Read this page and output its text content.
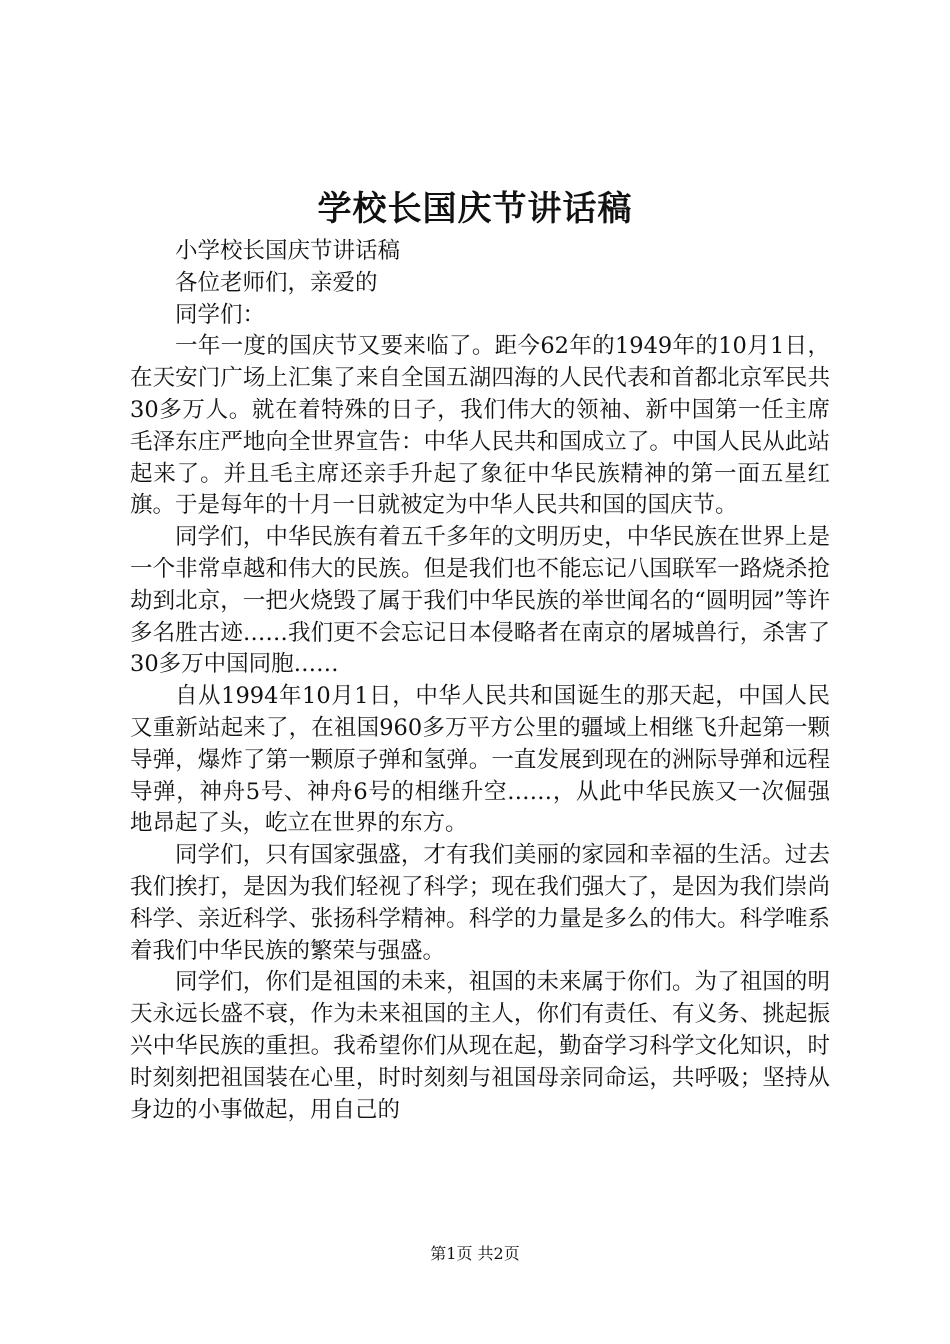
学校长国庆节讲话稿

小学校长国庆节讲话稿

各位老师们，亲爱的

同学们：

一年一度的国庆节又要来临了。距今62年的1949年的10月1日，在天安门广场上汇集了来自全国五湖四海的人民代表和首都北京军民共30多万人。就在着特殊的日子，我们伟大的领袖、新中国第一任主席毛泽东庄严地向全世界宣告：中华人民共和国成立了。中国人民从此站起来了。并且毛主席还亲手升起了象征中华民族精神的第一面五星红旗。于是每年的十月一日就被定为中华人民共和国的国庆节。

同学们，中华民族有着五千多年的文明历史，中华民族在世界上是一个非常卓越和伟大的民族。但是我们也不能忘记八国联军一路烧杀抢劫到北京，一把火烧毁了属于我们中华民族的举世闻名的“圆明园”等许多名胜古迹……我们更不会忘记日本侵略者在南京的屠城兽行，杀害了30多万中国同胞……

自从1994年10月1日，中华人民共和国诞生的那天起，中国人民又重新站起来了，在祖国960多万平方公里的疆域上相继飞升起第一颗导弹，爆炸了第一颗原子弹和氢弹。一直发展到现在的洲际导弹和远程导弹，神舟5号、神舟6号的相继升空……，从此中华民族又一次倔强地昂起了头，屹立在世界的东方。

同学们，只有国家强盛，才有我们美丽的家园和幸福的生活。过去我们挨打，是因为我们轻视了科学；现在我们强大了，是因为我们崇尚科学、亲近科学、张扬科学精神。科学的力量是多么的伟大。科学唯系着我们中华民族的繁荣与强盛。

同学们，你们是祖国的未来，祖国的未来属于你们。为了祖国的明天永远长盛不衰，作为未来祖国的主人，你们有责任、有义务、挑起振兴中华民族的重担。我希望你们从现在起，勤奋学习科学文化知识，时时刻刻把祖国装在心里，时时刻刻与祖国母亲同命运，共呼吸；坚持从身边的小事做起，用自己的

第1页 共2页
